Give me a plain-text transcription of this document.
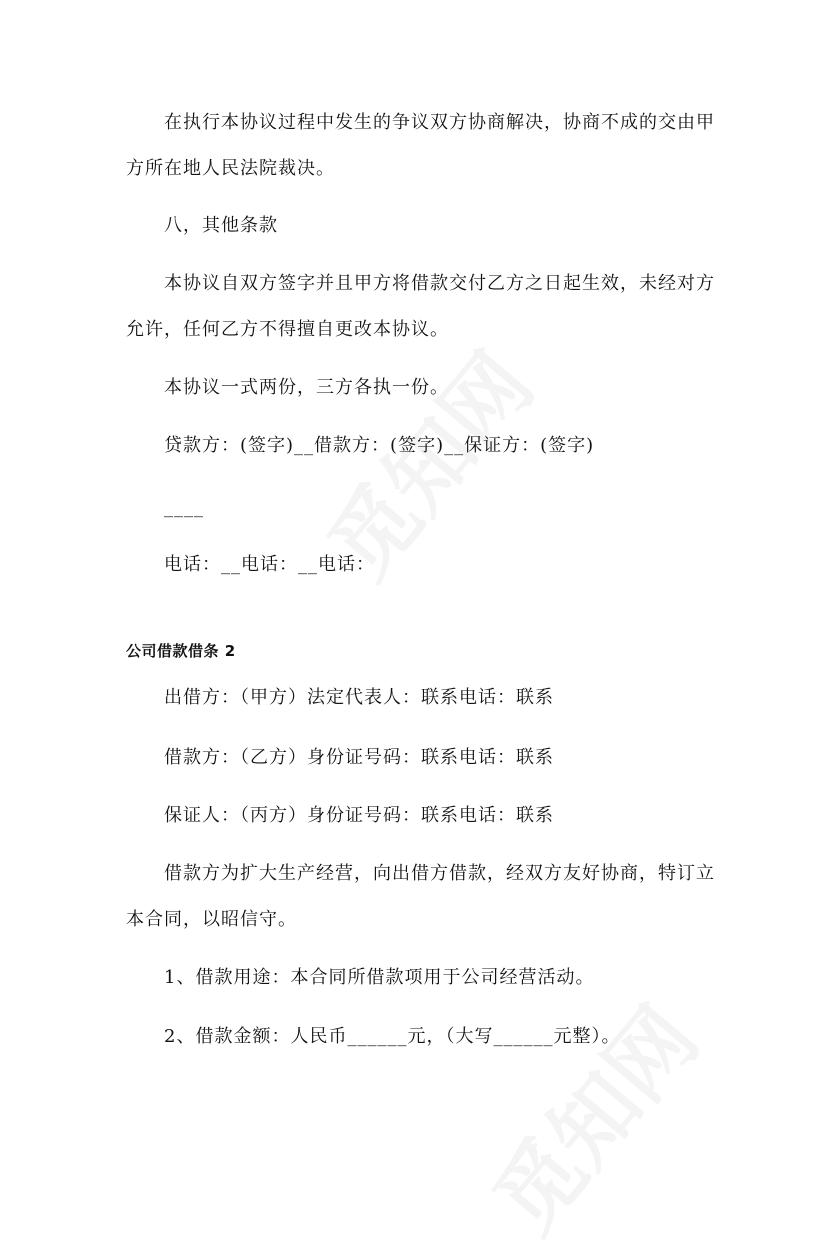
在执行本协议过程中发生的争议双方协商解决，协商不成的交由甲
方所在地人民法院裁决。
八，其他条款
本协议自双方签字并且甲方将借款交付乙方之日起生效，未经对方
允许，任何乙方不得擅自更改本协议。
本协议一式两份，三方各执一份。
贷款方：(签字)__借款方：(签字)__保证方：(签字)
____
电话：__电话：__电话：
公司借款借条 2
出借方：（甲方）法定代表人：联系电话：联系
借款方：（乙方）身份证号码：联系电话：联系
保证人：（丙方）身份证号码：联系电话：联系
借款方为扩大生产经营，向出借方借款，经双方友好协商，特订立
本合同，以昭信守。
1、借款用途：本合同所借款项用于公司经营活动。
2、借款金额：人民币______元，（大写______元整）。
